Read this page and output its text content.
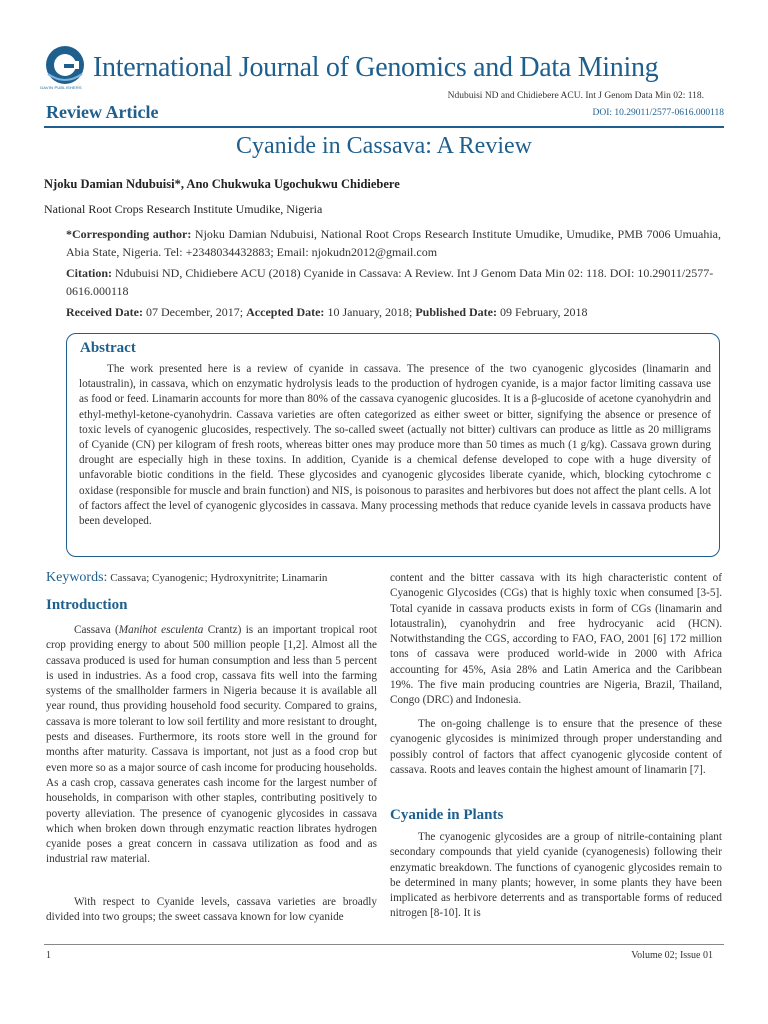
GAVIN PUBLISHERS
International Journal of Genomics and Data Mining
Review Article
Ndubuisi ND and Chidiebere ACU. Int J Genom Data Min 02: 118.
DOI: 10.29011/2577-0616.000118
Cyanide in Cassava: A Review
Njoku Damian Ndubuisi*, Ano Chukwuka Ugochukwu Chidiebere
National Root Crops Research Institute Umudike, Nigeria
*Corresponding author: Njoku Damian Ndubuisi, National Root Crops Research Institute Umudike, Umudike, PMB 7006 Umuahia, Abia State, Nigeria. Tel: +2348034432883; Email: njokudn2012@gmail.com
Citation: Ndubuisi ND, Chidiebere ACU (2018) Cyanide in Cassava: A Review. Int J Genom Data Min 02: 118. DOI: 10.29011/2577-0616.000118
Received Date: 07 December, 2017; Accepted Date: 10 January, 2018; Published Date: 09 February, 2018
Abstract
The work presented here is a review of cyanide in cassava. The presence of the two cyanogenic glycosides (linamarin and lotaustralin), in cassava, which on enzymatic hydrolysis leads to the production of hydrogen cyanide, is a major factor limiting cassava use as food or feed. Linamarin accounts for more than 80% of the cassava cyanogenic glucosides. It is a β-glucoside of acetone cyanohydrin and ethyl-methyl-ketone-cyanohydrin. Cassava varieties are often categorized as either sweet or bitter, signifying the absence or presence of toxic levels of cyanogenic glucosides, respectively. The so-called sweet (actually not bitter) cultivars can produce as little as 20 milligrams of Cyanide (CN) per kilogram of fresh roots, whereas bitter ones may produce more than 50 times as much (1 g/kg). Cassava grown during drought are especially high in these toxins. In addition, Cyanide is a chemical defense developed to cope with a huge diversity of unfavorable biotic conditions in the field. These glycosides and cyanogenic glycosides liberate cyanide, which, blocking cytochrome c oxidase (responsible for muscle and brain function) and NIS, is poisonous to parasites and herbivores but does not affect the plant cells. A lot of factors affect the level of cyanogenic glycosides in cassava. Many processing methods that reduce cyanide levels in cassava products have been developed.
Keywords: Cassava; Cyanogenic; Hydroxynitrite; Linamarin
Introduction

Cassava (Manihot esculenta Crantz) is an important tropical root crop providing energy to about 500 million people [1,2]. Almost all the cassava produced is used for human consumption and less than 5 percent is used in industries. As a food crop, cassava fits well into the farming systems of the smallholder farmers in Nigeria because it is available all year round, thus providing household food security. Compared to grains, cassava is more tolerant to low soil fertility and more resistant to drought, pests and diseases. Furthermore, its roots store well in the ground for months after maturity. Cassava is important, not just as a food crop but even more so as a major source of cash income for producing households. As a cash crop, cassava generates cash income for the largest number of households, in comparison with other staples, contributing positively to poverty alleviation. The presence of cyanogenic glycosides in cassava which when broken down through enzymatic reaction librates hydrogen cyanide poses a great concern in cassava utilization as food and as industrial raw material.

With respect to Cyanide levels, cassava varieties are broadly divided into two groups; the sweet cassava known for low cyanide
content and the bitter cassava with its high characteristic content of Cyanogenic Glycosides (CGs) that is highly toxic when consumed [3-5]. Total cyanide in cassava products exists in form of CGs (linamarin and lotaustralin), cyanohydrin and free hydrocyanic acid (HCN). Notwithstanding the CGS, according to FAO, FAO, 2001 [6] 172 million tons of cassava were produced world-wide in 2000 with Africa accounting for 45%, Asia 28% and Latin America and the Caribbean 19%. The five main producing countries are Nigeria, Brazil, Thailand, Congo (DRC) and Indonesia.
The on-going challenge is to ensure that the presence of these cyanogenic glycosides is minimized through proper understanding and possibly control of factors that affect cyanogenic glycoside content of cassava. Roots and leaves contain the highest amount of linamarin [7].
Cyanide in Plants
The cyanogenic glycosides are a group of nitrile-containing plant secondary compounds that yield cyanide (cyanogenesis) following their enzymatic breakdown. The functions of cyanogenic glycosides remain to be determined in many plants; however, in some plants they have been implicated as herbivore deterrents and as transportable forms of reduced nitrogen [8-10]. It is
1	Volume 02; Issue 01
